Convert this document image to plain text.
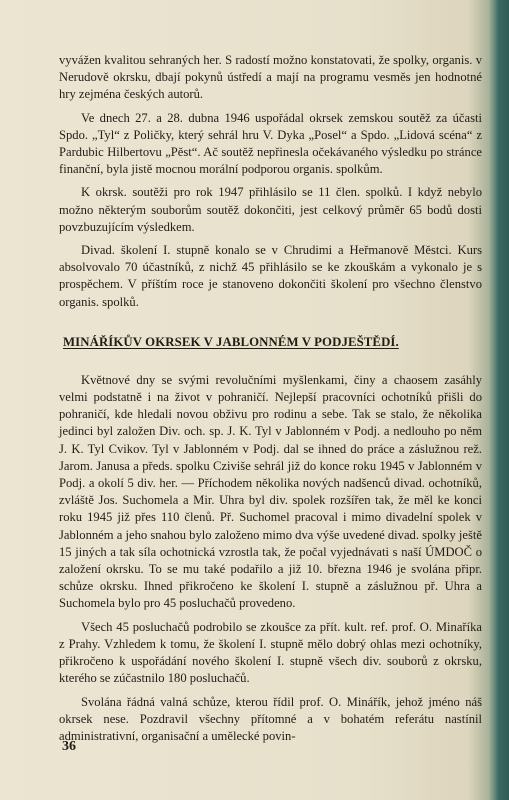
vyvážen kvalitou sehraných her. S radostí možno konstatovati, že spolky, organis. v Nerudově okrsku, dbají pokynů ústředí a mají na programu vesměs jen hodnotné hry zejména českých autorů.

Ve dnech 27. a 28. dubna 1946 uspořádal okrsek zemskou soutěž za účasti Spdo. „Tyl“ z Poličky, který sehrál hru V. Dyka „Posel“ a Spdo. „Lidová scéna“ z Pardubic Hilbertovu „Pěst“. Ač soutěž nepřinesla očekávaného výsledku po stránce finanční, byla jistě mocnou morální podporou organis. spolkům.

K okrsk. soutěži pro rok 1947 přihlásilo se 11 člen. spolků. I když nebylo možno některým souborům soutěž dokončiti, jest celkový průměr 65 bodů dosti povzbuzujícím výsledkem.

Divad. školení I. stupně konalo se v Chrudimi a Heřmanově Městci. Kurs absolvovalo 70 účastníků, z nichž 45 přihlásilo se ke zkouškám a vykonalo je s prospěchem. V příštím roce je stanoveno dokončiti školení pro všechno členstvo organis. spolků.

MINÁŘÍKŮV OKRSEK V JABLONNÉM V PODJEŠTĚDÍ.

Květnové dny se svými revolučními myšlenkami, činy a chaosem zasáhly velmi podstatně i na život v pohraničí. Nejlepší pracovníci ochotníků přišli do pohraničí, kde hledali novou obživu pro rodinu a sebe. Tak se stalo, že několika jedinci byl založen Div. och. sp. J. K. Tyl v Jablonném v Podj. a nedlouho po něm J. K. Tyl Cvikov. Tyl v Jablonném v Podj. dal se ihned do práce a záslužnou rež. Jarom. Janusa a předs. spolku Cziviše sehrál již do konce roku 1945 v Jablonném v Podj. a okolí 5 div. her. — Příchodem několika nových nadšenců divad. ochotníků, zvláště Jos. Suchomela a Mir. Uhra byl div. spolek rozšířen tak, že měl ke konci roku 1945 již přes 110 členů. Př. Suchomel pracoval i mimo divadelní spolek v Jablonném a jeho snahou bylo založeno mimo dva výše uvedené divad. spolky ještě 15 jiných a tak síla ochotnická vzrostla tak, že počal vyjednávati s naší ÚMDOČ o založení okrsku. To se mu také podařilo a již 10. března 1946 je svolána připr. schůze okrsku. Ihned přikročeno ke školení I. stupně a záslužnou př. Uhra a Suchomela bylo pro 45 posluchačů provedeno.

Všech 45 posluchačů podrobilo se zkoušce za přít. kult. ref. prof. O. Minaříka z Prahy. Vzhledem k tomu, že školení I. stupně mělo dobrý ohlas mezi ochotníky, přikročeno k uspořádání nového školení I. stupně všech div. souborů z okrsku, kterého se zúčastnilo 180 posluchačů.

Svolána řádná valná schůze, kterou řídil prof. O. Minářík, jehož jméno náš okrsek nese. Pozdravil všechny přítomné a v bohatém referátu nastínil administrativní, organisační a umělecké povin-

36
